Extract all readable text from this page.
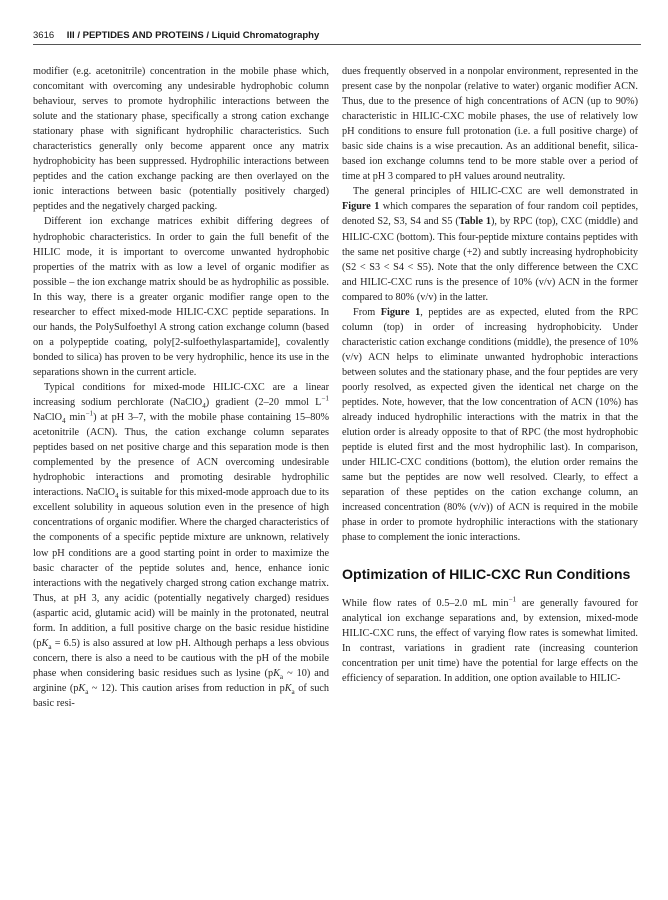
3616 III / PEPTIDES AND PROTEINS / Liquid Chromatography

modifier (e.g. acetonitrile) concentration in the mobile phase which, concomitant with overcoming any undesirable hydrophobic column behaviour, serves to promote hydrophilic interactions between the solute and the stationary phase, specifically a strong cation exchange stationary phase with significant hydrophilic characteristics. Such characteristics generally only become apparent once any matrix hydrophobicity has been suppressed. Hydrophilic interactions between peptides and the cation exchange packing are then overlayed on the ionic interactions between basic (potentially positively charged) peptides and the negatively charged packing.

Different ion exchange matrices exhibit differing degrees of hydrophobic characteristics. In order to gain the full benefit of the HILIC mode, it is important to overcome unwanted hydrophobic properties of the matrix with as low a level of organic modifier as possible – the ion exchange matrix should be as hydrophilic as possible. In this way, there is a greater organic modifier range open to the researcher to effect mixed-mode HILIC-CXC peptide separations. In our hands, the PolySulfoethyl A strong cation exchange column (based on a polypeptide coating, poly[2-sulfoethylaspartamide], covalently bonded to silica) has proven to be very hydrophilic, hence its use in the separations shown in the current article.

Typical conditions for mixed-mode HILIC-CXC are a linear increasing sodium perchlorate (NaClO$_4$) gradient (2–20 mmol $L^{-1}$ NaClO$_4$ $\min^{-1}$) at pH 3–7, with the mobile phase containing 15–80% acetonitrile (ACN). Thus, the cation exchange column separates peptides based on net positive charge and this separation mode is then complemented by the presence of ACN overcoming undesirable hydrophobic interactions and promoting desirable hydrophilic interactions. NaClO$_4$ is suitable for this mixed-mode approach due to its excellent solubility in aqueous solution even in the presence of high concentrations of organic modifier. Where the charged characteristics of the components of a specific peptide mixture are unknown, relatively low pH conditions are a good starting point in order to maximize the basic character of the peptide solutes and, hence, enhance ionic interactions with the negatively charged strong cation exchange matrix. Thus, at pH 3, any acidic (potentially negatively charged) residues (aspartic acid, glutamic acid) will be mainly in the protonated, neutral form. In addition, a full positive charge on the basic residue histidine $(pK_a = 6.5)$ is also assured at low pH. Although perhaps a less obvious concern, there is also a need to be cautious with the pH of the mobile phase when considering basic residues such as lysine ($pK_a$ ~ 10) and arginine ($pK_a$ ~ 12). This caution arises from reduction in $pK_a$ of such basic resi-

dues frequently observed in a nonpolar environment, represented in the present case by the nonpolar (relative to water) organic modifier ACN. Thus, due to the presence of high concentrations of ACN (up to 90%) characteristic in HILIC-CXC mobile phases, the use of relatively low pH conditions to ensure full protonation (i.e. a full positive charge) of basic side chains is a wise precaution. As an additional benefit, silica-based ion exchange columns tend to be more stable over a period of time at pH 3 compared to pH values around neutrality.

The general principles of HILIC-CXC are well demonstrated in Figure 1 which compares the separation of four random coil peptides, denoted S2, S3, S4 and S5 (Table 1), by RPC (top), CXC (middle) and HILIC-CXC (bottom). This four-peptide mixture contains peptides with the same net positive charge (+2) and subtly increasing hydrophobicity (S2 < S3 < S4 < S5). Note that the only difference between the CXC and HILIC-CXC runs is the presence of 10% (v/v) ACN in the former compared to 80% (v/v) in the latter.

From Figure 1, peptides are as expected, eluted from the RPC column (top) in order of increasing hydrophobicity. Under characteristic cation exchange conditions (middle), the presence of 10% (v/v) ACN helps to eliminate unwanted hydrophobic interactions between solutes and the stationary phase, and the four peptides are very poorly resolved, as expected given the identical net charge on the peptides. Note, however, that the low concentration of ACN (10%) has already induced hydrophilic interactions with the matrix in that the elution order is already opposite to that of RPC (the most hydrophobic peptide is eluted first and the most hydrophilic last). In comparison, under HILIC-CXC conditions (bottom), the elution order remains the same but the peptides are now well resolved. Clearly, to effect a separation of these peptides on the cation exchange column, an increased concentration (80% (v/v)) of ACN is required in the mobile phase in order to promote hydrophilic interactions with the stationary phase to complement the ionic interactions.

Optimization of HILIC-CXC Run Conditions

While flow rates of 0.5–2.0 mL $\min^{-1}$ are generally favoured for analytical ion exchange separations and, by extension, mixed-mode HILIC-CXC runs, the effect of varying flow rates is somewhat limited. In contrast, variations in gradient rate (increasing counterion concentration per unit time) have the potential for large effects on the efficiency of separation. In addition, one option available to HILIC-
